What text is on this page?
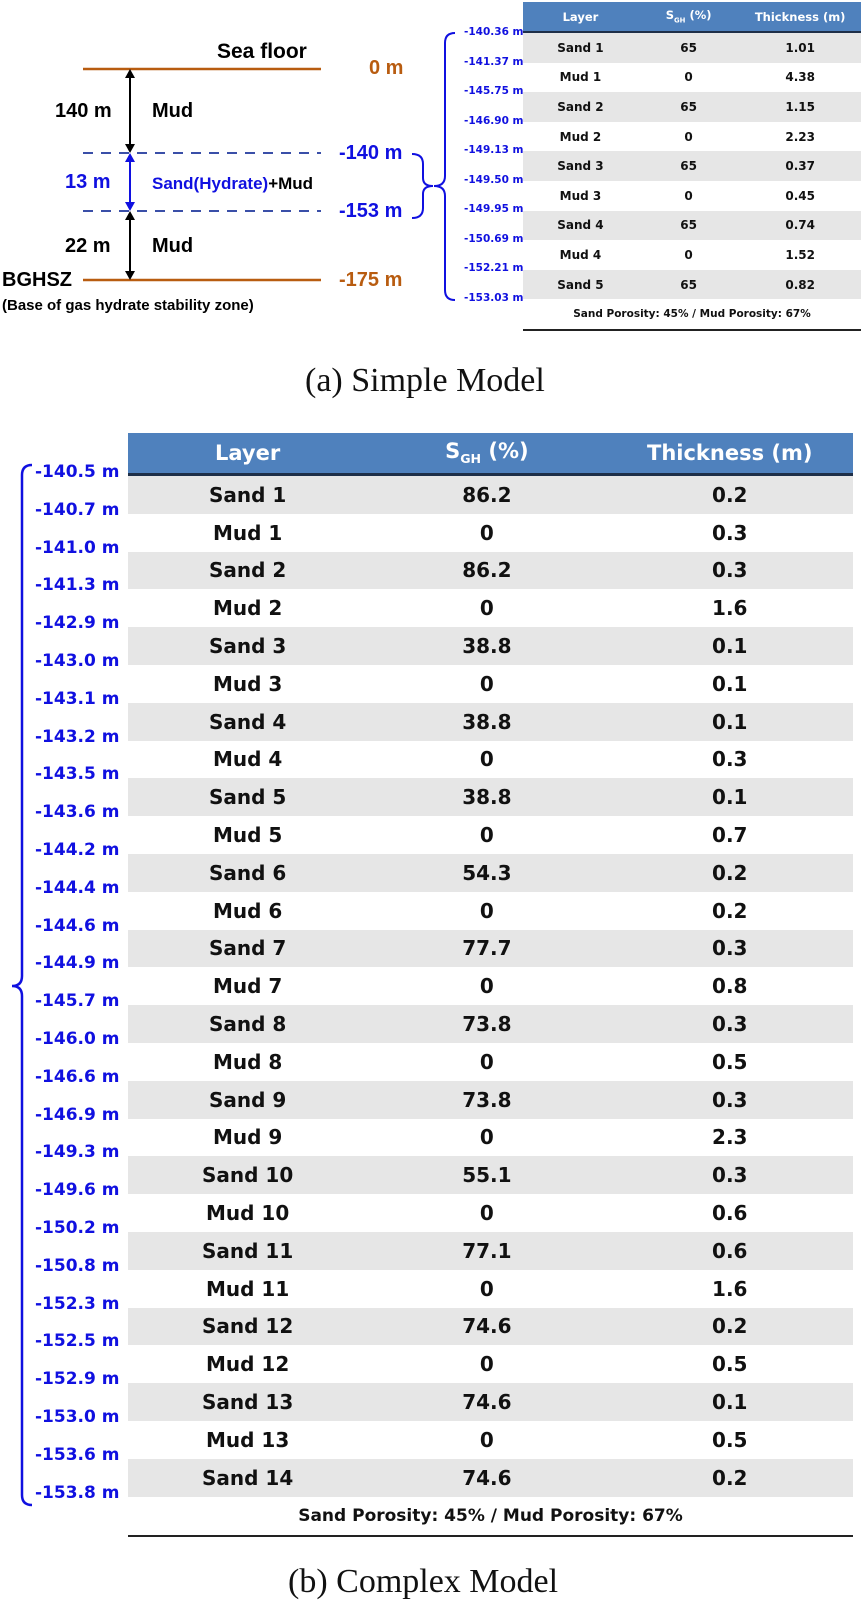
Sea floor
0 m
140 m Mud
-140 m
13 m Sand(Hydrate)+Mud
-153 m
22 m Mud
BGHSZ	-175 m
(Base of gas hydrate stability zone)
-140.36 m
-141.37 m
-145.75 m
-146.90 m
-149.13 m
-149.50 m
-149.95 m
-150.69 m
-152.21 m
-153.03 m
Layer	$S_{GH}$ (%)	Thickness (m)
Sand 1	65	1.01
Mud 1	0	4.38
Sand 2	65	1.15
Mud 2	0	2.23
Sand 3	65	0.37
Mud 3	0	0.45
Sand 4	65	0.74
Mud 4	0	1.52
Sand 5	65	0.82
Sand Porosity: 45% / Mud Porosity: 67%		
(a) Simple Model
-140.5 m
-140.7 m
-141.0 m
-141.3 m
-142.9 m
-143.0 m
-143.1 m
-143.2 m
-143.5 m
-143.6 m
-144.2 m
-144.4 m
-144.6 m
-144.9 m
-145.7 m
-146.0 m
-146.6 m
-146.9 m
-149.3 m
-149.6 m
-150.2 m
-150.8 m
-152.3 m
-152.5 m
-152.9 m
-153.0 m
-153.6 m
-153.8 m
Layer	$S_{GH}$ (%)	Thickness (m)
Sand 1	86.2	0.2
Mud 1	0	0.3
Sand 2	86.2	0.3
Mud 2	0	1.6
Sand 3	38.8	0.1
Mud 3	0	0.1
Sand 4	38.8	0.1
Mud 4	0	0.3
Sand 5	38.8	0.1
Mud 5	0	0.7
Sand 6	54.3	0.2
Mud 6	0	0.2
Sand 7	77.7	0.3
Mud 7	0	0.8
Sand 8	73.8	0.3
Mud 8	0	0.5
Sand 9	73.8	0.3
Mud 9	0	2.3
Sand 10	55.1	0.3
Mud 10	0	0.6
Sand 11	77.1	0.6
Mud 11	0	1.6
Sand 12	74.6	0.2
Mud 12	0	0.5
Sand 13	74.6	0.1
Mud 13	0	0.5
Sand 14	74.6	0.2
Sand Porosity: 45% / Mud Porosity: 67%		
(b) Complex Model
